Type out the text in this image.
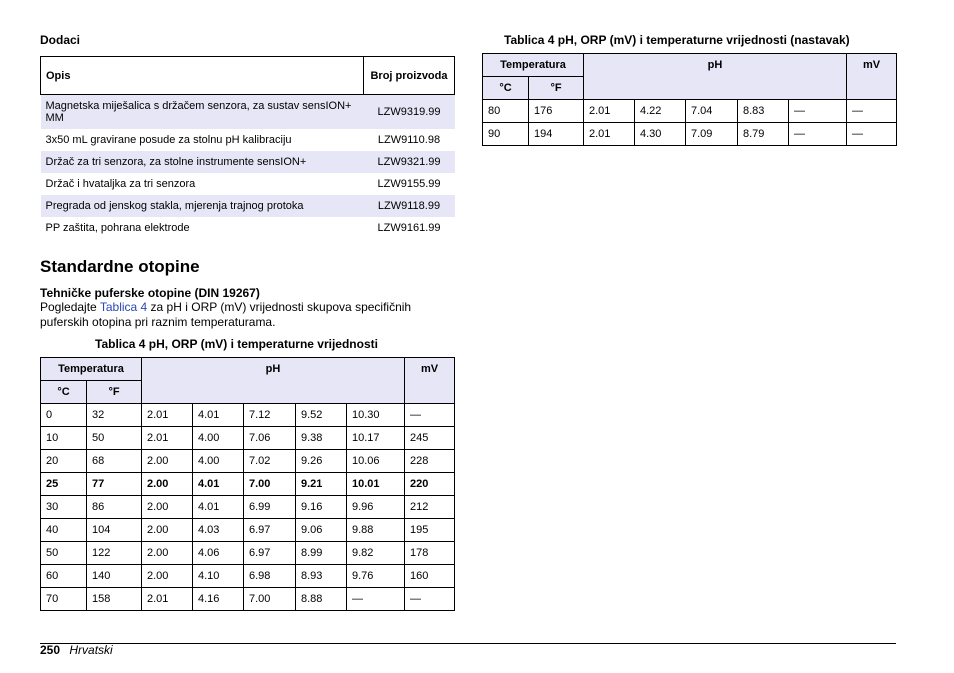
Dodaci
Opis	Broj proizvoda
Magnetska miješalica s držačem senzora, za sustav sensION+ MM	LZW9319.99
3x50 mL gravirane posude za stolnu pH kalibraciju	LZW9110.98
Držač za tri senzora, za stolne instrumente sensION+	LZW9321.99
Držač i hvataljka za tri senzora	LZW9155.99
Pregrada od jenskog stakla, mjerenja trajnog protoka	LZW9118.99
PP zaštita, pohrana elektrode	LZW9161.99
Standardne otopine
Tehničke puferske otopine (DIN 19267)
Pogledajte Tablica 4 za pH i ORP (mV) vrijednosti skupova specifičnih puferskih otopina pri raznim temperaturama.
Tablica 4 pH, ORP (mV) i temperaturne vrijednosti
Temperatura		pH					mV
°C	°F						
0	32	2.01	4.01	7.12	9.52	10.30	—
10	50	2.01	4.00	7.06	9.38	10.17	245
20	68	2.00	4.00	7.02	9.26	10.06	228
25	77	2.00	4.01	7.00	9.21	10.01	220
30	86	2.00	4.01	6.99	9.16	9.96	212
40	104	2.00	4.03	6.97	9.06	9.88	195
50	122	2.00	4.06	6.97	8.99	9.82	178
60	140	2.00	4.10	6.98	8.93	9.76	160
70	158	2.01	4.16	7.00	8.88	—	—
Tablica 4 pH, ORP (mV) i temperaturne vrijednosti (nastavak)
Temperatura		pH					mV
°C	°F						
80	176	2.01	4.22	7.04	8.83	—	—
90	194	2.01	4.30	7.09	8.79	—	—
250 Hrvatski
